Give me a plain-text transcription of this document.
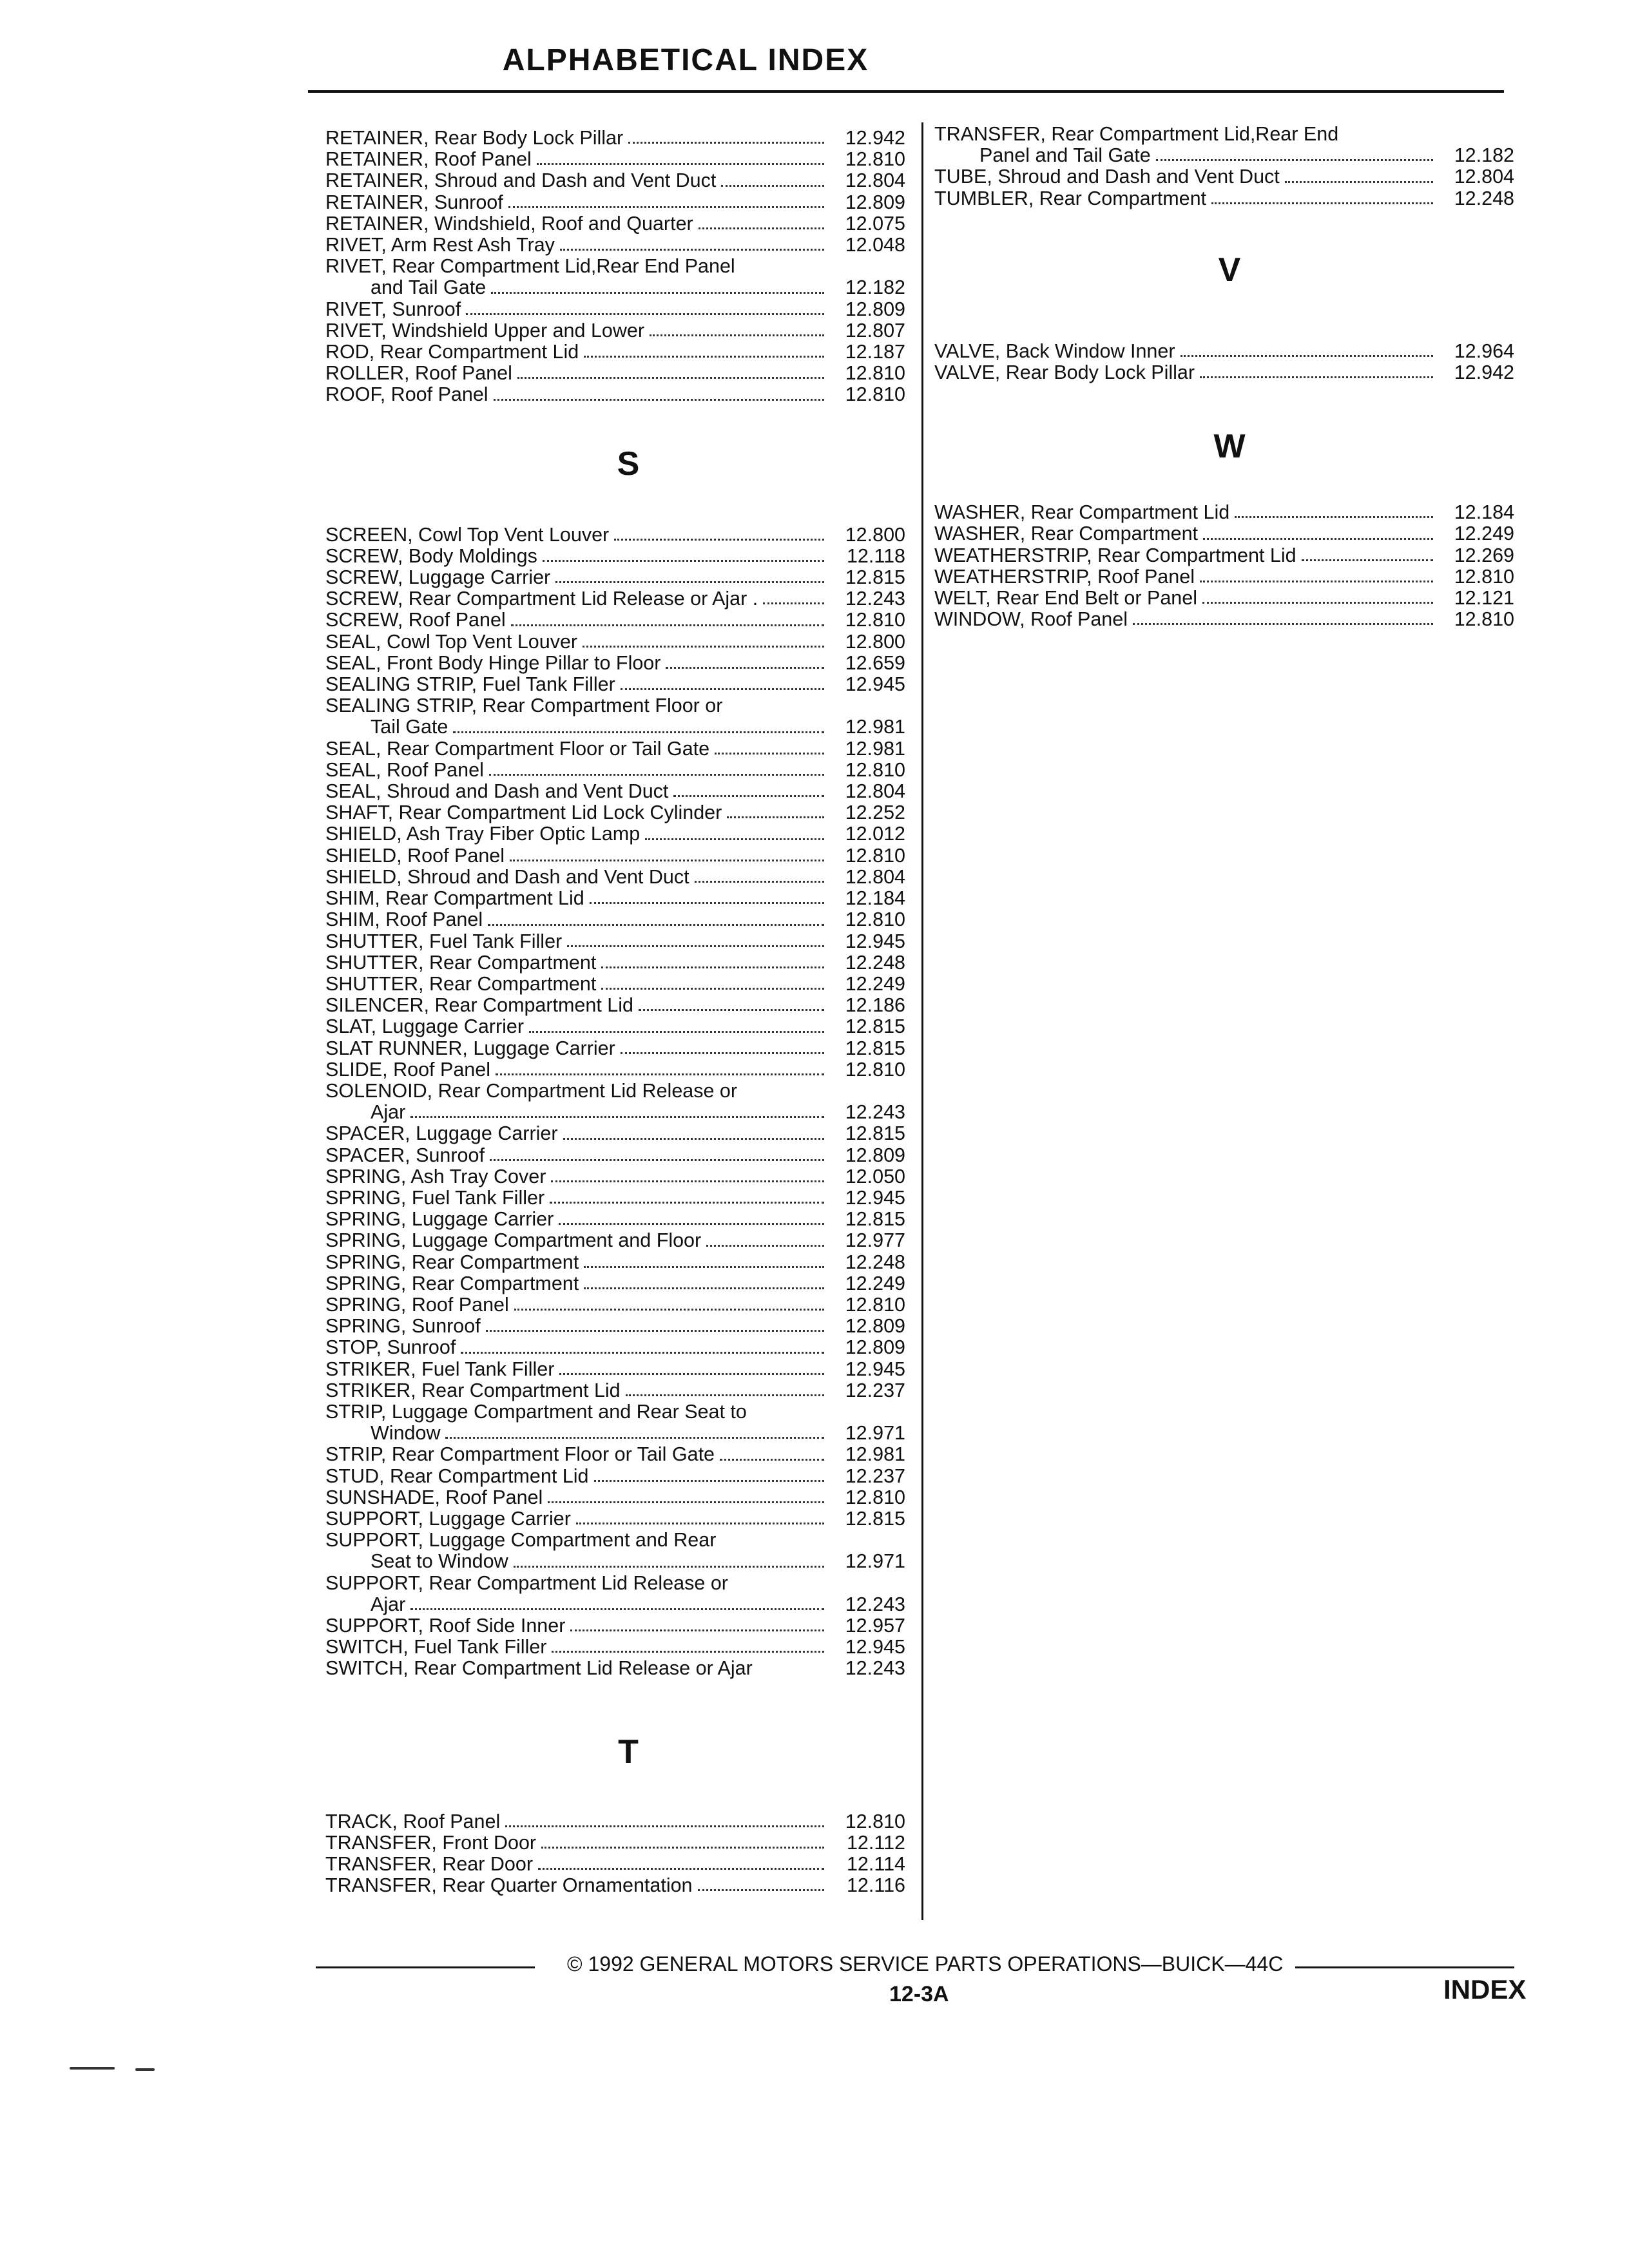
ALPHABETICAL INDEX
RETAINER, Rear Body Lock Pillar	12.942
RETAINER, Roof Panel	12.810
RETAINER, Shroud and Dash and Vent Duct	12.804
RETAINER, Sunroof	12.809
RETAINER, Windshield, Roof and Quarter	12.075
RIVET, Arm Rest Ash Tray	12.048
RIVET, Rear Compartment Lid,Rear End Panel
and Tail Gate	12.182
RIVET, Sunroof	12.809
RIVET, Windshield Upper and Lower	12.807
ROD, Rear Compartment Lid	12.187
ROLLER, Roof Panel	12.810
ROOF, Roof Panel	12.810
S
SCREEN, Cowl Top Vent Louver	12.800
SCREW, Body Moldings	12.118
SCREW, Luggage Carrier	12.815
SCREW, Rear Compartment Lid Release or Ajar .	12.243
SCREW, Roof Panel	12.810
SEAL, Cowl Top Vent Louver	12.800
SEAL, Front Body Hinge Pillar to Floor	12.659
SEALING STRIP, Fuel Tank Filler	12.945
SEALING STRIP, Rear Compartment Floor or
Tail Gate	12.981
SEAL, Rear Compartment Floor or Tail Gate	12.981
SEAL, Roof Panel	12.810
SEAL, Shroud and Dash and Vent Duct	12.804
SHAFT, Rear Compartment Lid Lock Cylinder	12.252
SHIELD, Ash Tray Fiber Optic Lamp	12.012
SHIELD, Roof Panel	12.810
SHIELD, Shroud and Dash and Vent Duct	12.804
SHIM, Rear Compartment Lid	12.184
SHIM, Roof Panel	12.810
SHUTTER, Fuel Tank Filler	12.945
SHUTTER, Rear Compartment	12.248
SHUTTER, Rear Compartment	12.249
SILENCER, Rear Compartment Lid	12.186
SLAT, Luggage Carrier	12.815
SLAT RUNNER, Luggage Carrier	12.815
SLIDE, Roof Panel	12.810
SOLENOID, Rear Compartment Lid Release or
Ajar	12.243
SPACER, Luggage Carrier	12.815
SPACER, Sunroof	12.809
SPRING, Ash Tray Cover	12.050
SPRING, Fuel Tank Filler	12.945
SPRING, Luggage Carrier	12.815
SPRING, Luggage Compartment and Floor	12.977
SPRING, Rear Compartment	12.248
SPRING, Rear Compartment	12.249
SPRING, Roof Panel	12.810
SPRING, Sunroof	12.809
STOP, Sunroof	12.809
STRIKER, Fuel Tank Filler	12.945
STRIKER, Rear Compartment Lid	12.237
STRIP, Luggage Compartment and Rear Seat to
Window	12.971
STRIP, Rear Compartment Floor or Tail Gate	12.981
STUD, Rear Compartment Lid	12.237
SUNSHADE, Roof Panel	12.810
SUPPORT, Luggage Carrier	12.815
SUPPORT, Luggage Compartment and Rear
Seat to Window	12.971
SUPPORT, Rear Compartment Lid Release or
Ajar	12.243
SUPPORT, Roof Side Inner	12.957
SWITCH, Fuel Tank Filler	12.945
SWITCH, Rear Compartment Lid Release or Ajar	12.243
T
TRACK, Roof Panel	12.810
TRANSFER, Front Door	12.112
TRANSFER, Rear Door	12.114
TRANSFER, Rear Quarter Ornamentation	12.116
TRANSFER, Rear Compartment Lid,Rear End
Panel and Tail Gate	12.182
TUBE, Shroud and Dash and Vent Duct	12.804
TUMBLER, Rear Compartment	12.248
V
VALVE, Back Window Inner	12.964
VALVE, Rear Body Lock Pillar	12.942
W
WASHER, Rear Compartment Lid	12.184
WASHER, Rear Compartment	12.249
WEATHERSTRIP, Rear Compartment Lid	12.269
WEATHERSTRIP, Roof Panel	12.810
WELT, Rear End Belt or Panel	12.121
WINDOW, Roof Panel	12.810
© 1992 GENERAL MOTORS SERVICE PARTS OPERATIONS—BUICK—44C
12-3A	INDEX
